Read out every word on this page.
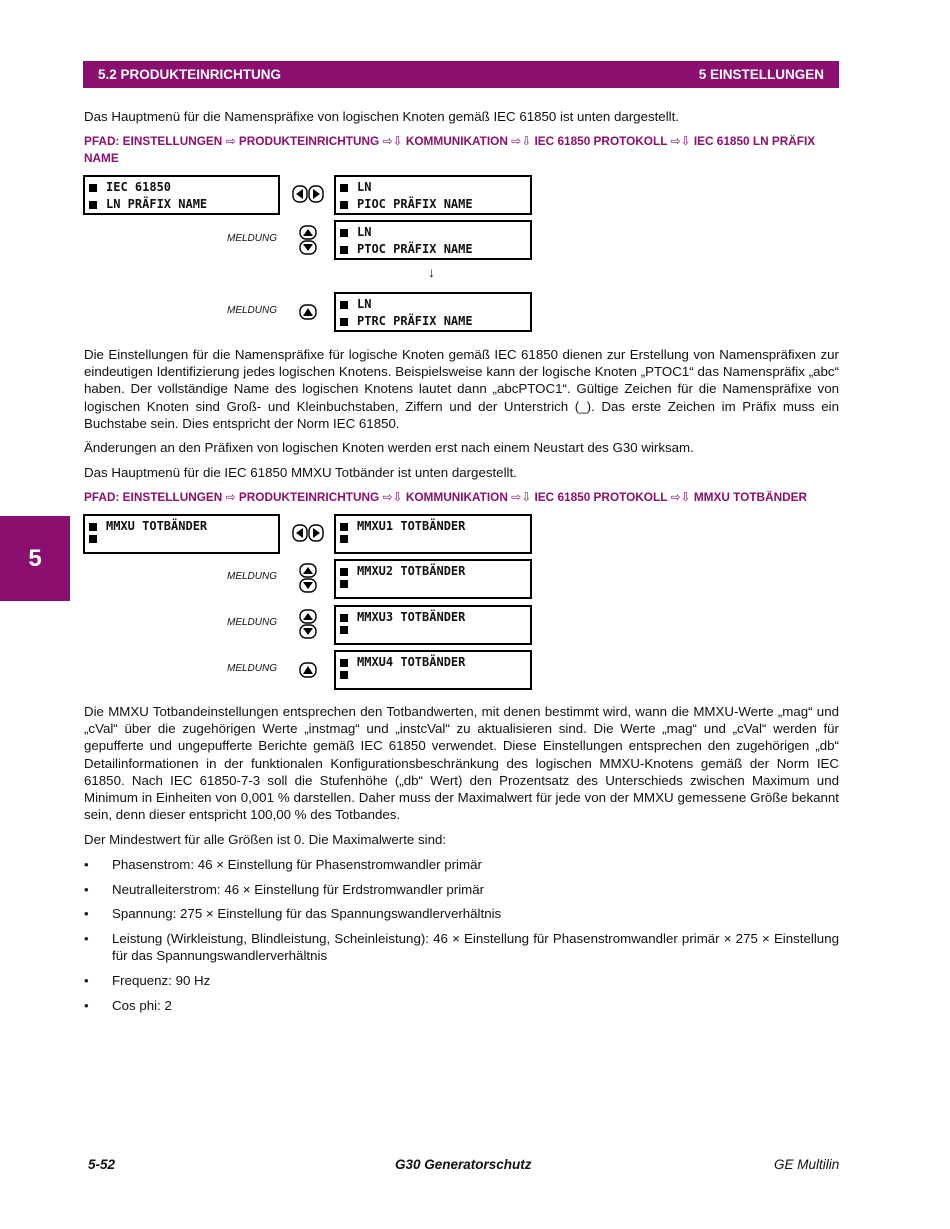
5.2 PRODUKTEINRICHTUNG	5 EINSTELLUNGEN
5

Das Hauptmenü für die Namenspräfixe von logischen Knoten gemäß IEC 61850 ist unten dargestellt.

PFAD: EINSTELLUNGEN ⇨ PRODUKTEINRICHTUNG ⇨⇩ KOMMUNIKATION ⇨⇩ IEC 61850 PROTOKOLL ⇨⇩ IEC 61850 LN PRÄFIX NAME

IEC 61850
LN PRÄFIX NAME
LN
PIOC PRÄFIX NAME
MELDUNG	LN
PTOC PRÄFIX NAME
↓
MELDUNG	LN
PTRC PRÄFIX NAME

Die Einstellungen für die Namenspräfixe für logische Knoten gemäß IEC 61850 dienen zur Erstellung von Namenspräfixen zur eindeutigen Identifizierung jedes logischen Knotens. Beispielsweise kann der logische Knoten „PTOC1“ das Namenspräfix „abc“ haben. Der vollständige Name des logischen Knotens lautet dann „abcPTOC1“. Gültige Zeichen für die Namenspräfixe von logischen Knoten sind Groß- und Kleinbuchstaben, Ziffern und der Unterstrich (_). Das erste Zeichen im Präfix muss ein Buchstabe sein. Dies entspricht der Norm IEC 61850.

Änderungen an den Präfixen von logischen Knoten werden erst nach einem Neustart des G30 wirksam.

Das Hauptmenü für die IEC 61850 MMXU Totbänder ist unten dargestellt.

PFAD: EINSTELLUNGEN ⇨ PRODUKTEINRICHTUNG ⇨⇩ KOMMUNIKATION ⇨⇩ IEC 61850 PROTOKOLL ⇨⇩ MMXU TOTBÄNDER

MMXU TOTBÄNDER	MMXU1 TOTBÄNDER
MELDUNG	MMXU2 TOTBÄNDER
MELDUNG	MMXU3 TOTBÄNDER
MELDUNG	MMXU4 TOTBÄNDER

Die MMXU Totbandeinstellungen entsprechen den Totbandwerten, mit denen bestimmt wird, wann die MMXU-Werte „mag“ und „cVal“ über die zugehörigen Werte „instmag“ und „instcVal“ zu aktualisieren sind. Die Werte „mag“ und „cVal“ werden für gepufferte und ungepufferte Berichte gemäß IEC 61850 verwendet. Diese Einstellungen entsprechen den zugehörigen „db“ Detailinformationen in der funktionalen Konfigurationsbeschränkung des logischen MMXU-Knotens gemäß der Norm IEC 61850. Nach IEC 61850-7-3 soll die Stufenhöhe („db“ Wert) den Prozentsatz des Unterschieds zwischen Maximum und Minimum in Einheiten von 0,001 % darstellen. Daher muss der Maximalwert für jede von der MMXU gemessene Größe bekannt sein, denn dieser entspricht 100,00 % des Totbandes.

Der Mindestwert für alle Größen ist 0. Die Maximalwerte sind:

•	Phasenstrom: 46 × Einstellung für Phasenstromwandler primär
•	Neutralleiterstrom: 46 × Einstellung für Erdstromwandler primär
•	Spannung: 275 × Einstellung für das Spannungswandlerverhältnis
•	Leistung (Wirkleistung, Blindleistung, Scheinleistung): 46 × Einstellung für Phasenstromwandler primär × 275 × Einstellung für das Spannungswandlerverhältnis
•	Frequenz: 90 Hz
•	Cos phi: 2
5-52	G30 Generatorschutz	GE Multilin
